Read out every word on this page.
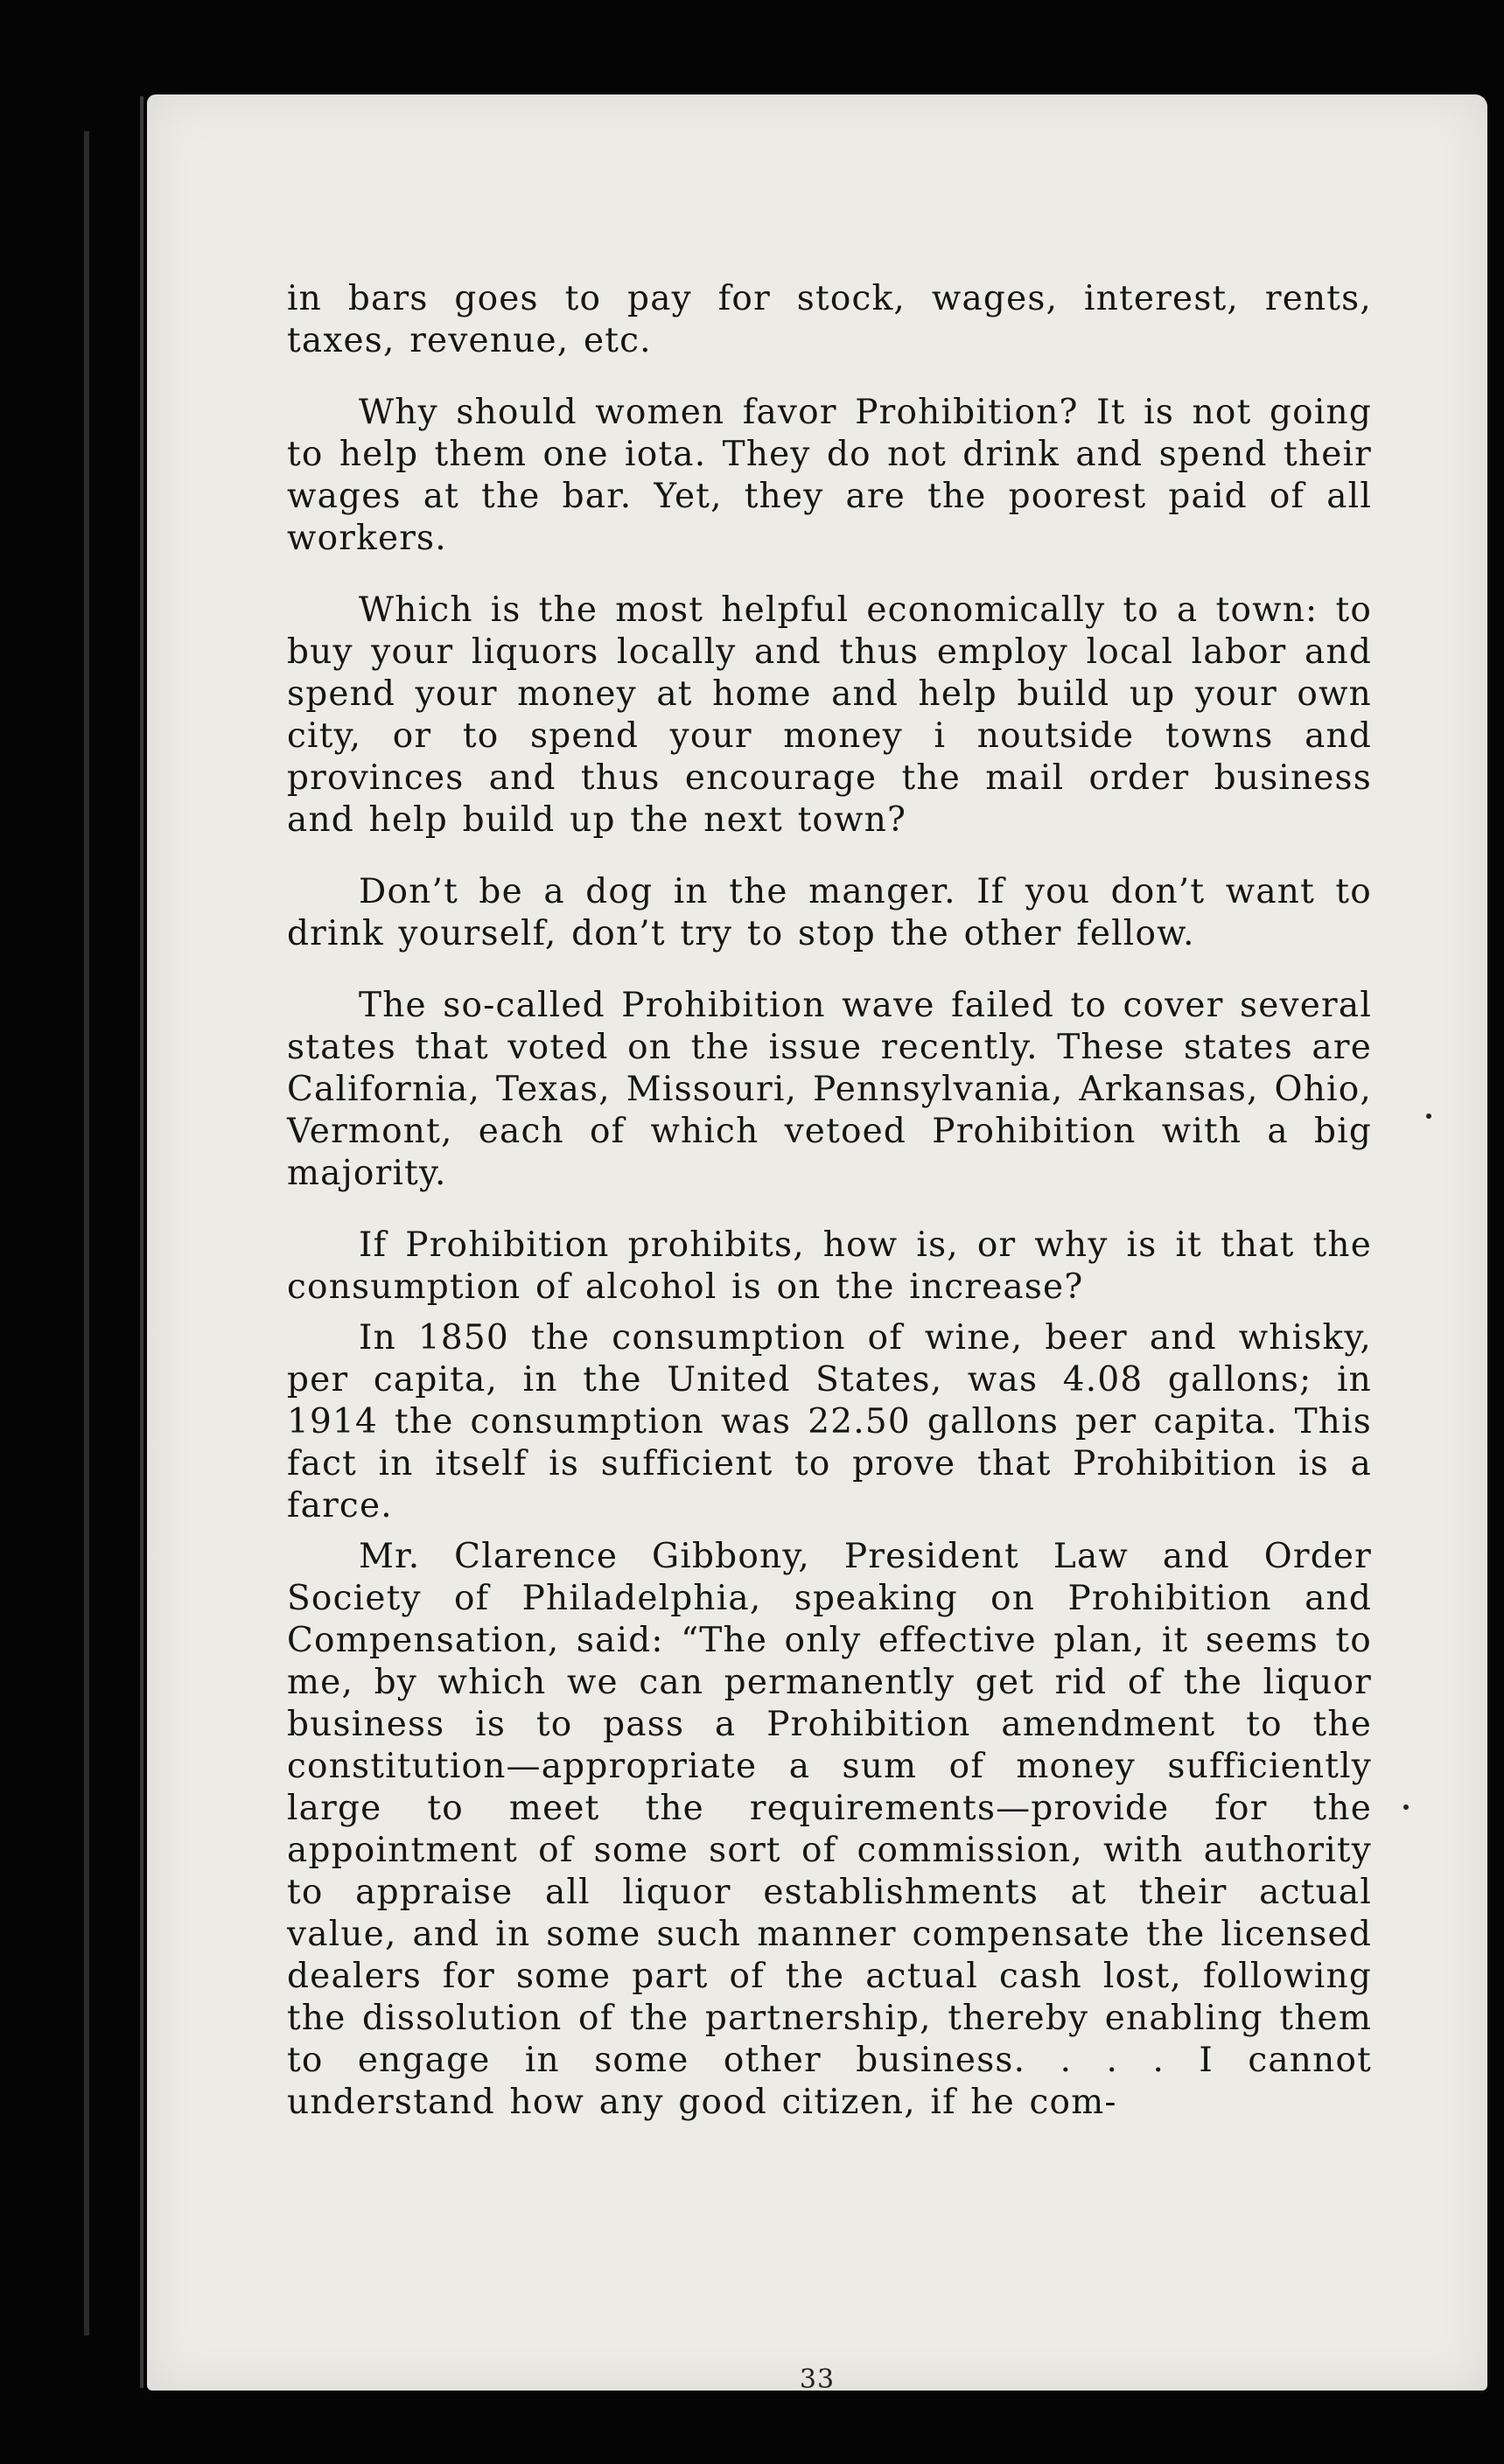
in bars goes to pay for stock, wages, interest, rents, taxes, revenue, etc.

Why should women favor Prohibition? It is not going to help them one iota. They do not drink and spend their wages at the bar. Yet, they are the poorest paid of all workers.

Which is the most helpful economically to a town: to buy your liquors locally and thus employ local labor and spend your money at home and help build up your own city, or to spend your money i noutside towns and provinces and thus encourage the mail order business and help build up the next town?

Don’t be a dog in the manger. If you don’t want to drink yourself, don’t try to stop the other fellow.

The so-called Prohibition wave failed to cover several states that voted on the issue recently. These states are California, Texas, Missouri, Pennsylvania, Arkansas, Ohio, Vermont, each of which vetoed Prohibition with a big majority.

If Prohibition prohibits, how is, or why is it that the consumption of alcohol is on the increase?

In 1850 the consumption of wine, beer and whisky, per capita, in the United States, was 4.08 gallons; in 1914 the consumption was 22.50 gallons per capita. This fact in itself is sufficient to prove that Prohibition is a farce.

Mr. Clarence Gibbony, President Law and Order Society of Philadelphia, speaking on Prohibition and Compensation, said: “The only effective plan, it seems to me, by which we can permanently get rid of the liquor business is to pass a Prohibition amendment to the constitution—appropriate a sum of money sufficiently large to meet the requirements—provide for the appointment of some sort of commission, with authority to appraise all liquor establishments at their actual value, and in some such manner compensate the licensed dealers for some part of the actual cash lost, following the dissolution of the partnership, thereby enabling them to engage in some other business. . . . I cannot understand how any good citizen, if he com-

33
